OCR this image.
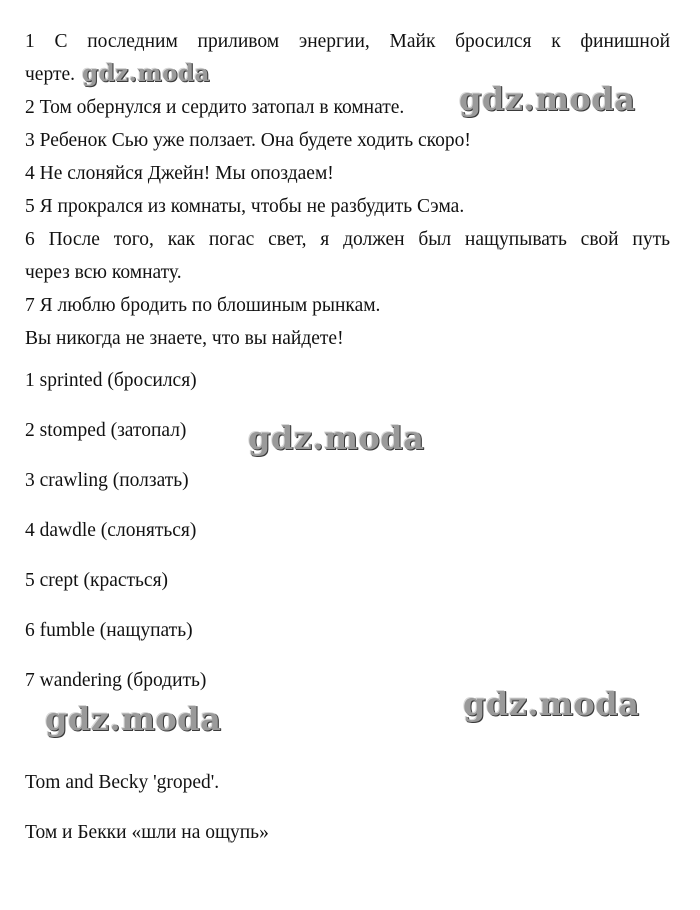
1 С последним приливом энергии, Майк бросился к финишной
черте.
2 Том обернулся и сердито затопал в комнате.
3 Ребенок Сью уже ползает. Она будете ходить скоро!
4 Не слоняйся Джейн! Мы опоздаем!
5 Я прокрался из комнаты, чтобы не разбудить Сэма.
6 После того, как погас свет, я должен был нащупывать свой путь
через всю комнату.
7 Я люблю бродить по блошиным рынкам.
Вы никогда не знаете, что вы найдете!
1 sprinted (бросился)
2 stomped (затопал)
3 crawling (ползать)
4 dawdle (слоняться)
5 crept (красться)
6 fumble (нащупать)
7 wandering (бродить)
Tom and Becky 'groped'.
Том и Бекки «шли на ощупь»
gdz.moda
gdz.moda
gdz.moda
gdz.moda
gdz.moda
